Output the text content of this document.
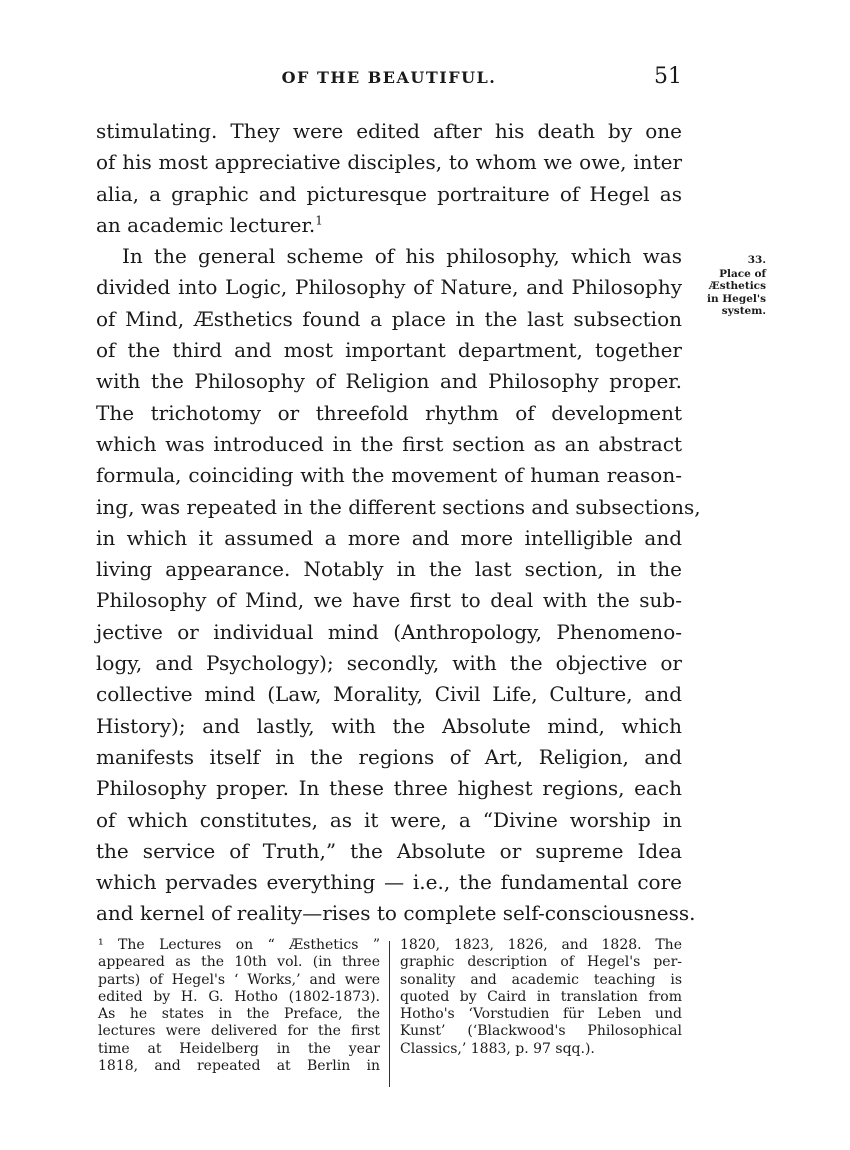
OF THE BEAUTIFUL.	51
stimulating. They were edited after his death by one
of his most appreciative disciples, to whom we owe, inter
alia, a graphic and picturesque portraiture of Hegel as
an academic lecturer.$^1$
In the general scheme of his philosophy, which was
divided into Logic, Philosophy of Nature, and Philosophy
of Mind, Æsthetics found a place in the last subsection
of the third and most important department, together
with the Philosophy of Religion and Philosophy proper.
The trichotomy or threefold rhythm of development
which was introduced in the first section as an abstract
formula, coinciding with the movement of human reason-
ing, was repeated in the different sections and subsections,
in which it assumed a more and more intelligible and
living appearance. Notably in the last section, in the
Philosophy of Mind, we have first to deal with the sub-
jective or individual mind (Anthropology, Phenomeno-
logy, and Psychology); secondly, with the objective or
collective mind (Law, Morality, Civil Life, Culture, and
History); and lastly, with the Absolute mind, which
manifests itself in the regions of Art, Religion, and
Philosophy proper. In these three highest regions, each
of which constitutes, as it were, a “Divine worship in
the service of Truth,” the Absolute or supreme Idea
which pervades everything — i.e., the fundamental core
and kernel of reality—rises to complete self-consciousness.
33.
Place of
Æsthetics
in Hegel's
system.
¹ The Lectures on “ Æsthetics ”
appeared as the 10th vol. (in three
parts) of Hegel's ‘ Works,’ and were
edited by H. G. Hotho (1802-1873).
As he states in the Preface, the
lectures were delivered for the first
time at Heidelberg in the year
1818, and repeated at Berlin in
1820, 1823, 1826, and 1828. The
graphic description of Hegel's per-
sonality and academic teaching is
quoted by Caird in translation from
Hotho's ‘Vorstudien für Leben und
Kunst’ (‘Blackwood's Philosophical
Classics,’ 1883, p. 97 sqq.).
